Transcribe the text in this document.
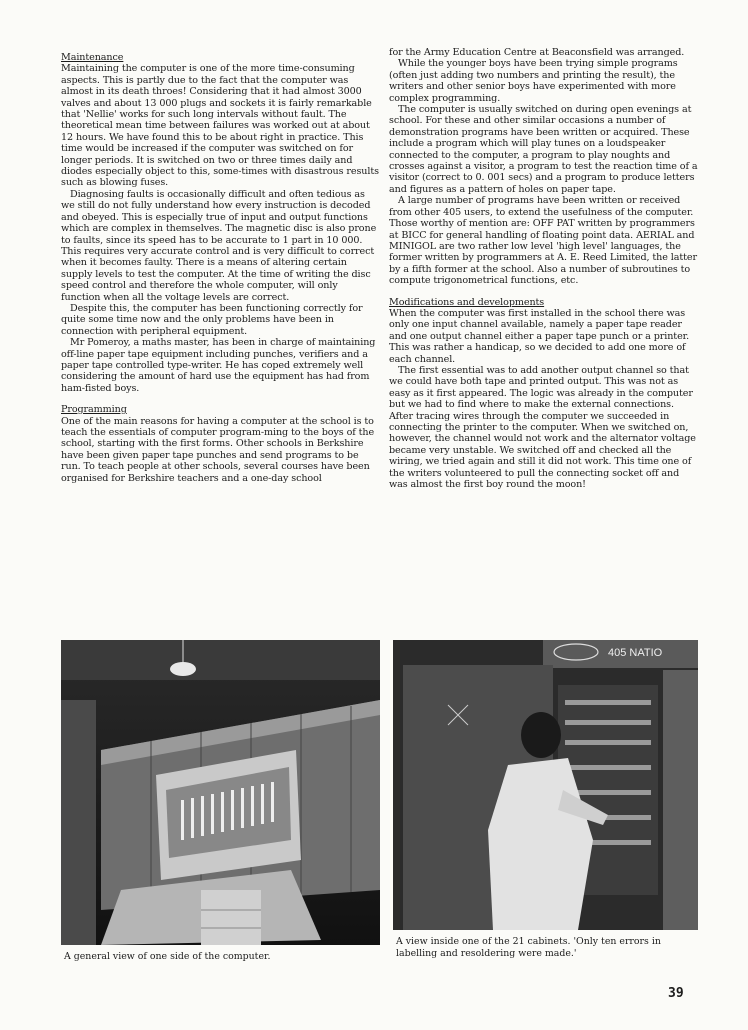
Maintenance

Maintaining the computer is one of the more time-consuming aspects. This is partly due to the fact that the computer was almost in its death throes! Considering that it had almost 3000 valves and about 13 000 plugs and sockets it is fairly remarkable that 'Nellie' works for such long intervals without fault. The theoretical mean time between failures was worked out at about 12 hours. We have found this to be about right in practice. This time would be increased if the computer was switched on for longer periods. It is switched on two or three times daily and diodes especially object to this, some-times with disastrous results such as blowing fuses.

Diagnosing faults is occasionally difficult and often tedious as we still do not fully understand how every instruction is decoded and obeyed. This is especially true of input and output functions which are complex in themselves. The magnetic disc is also prone to faults, since its speed has to be accurate to 1 part in 10 000. This requires very accurate control and is very difficult to correct when it becomes faulty. There is a means of altering certain supply levels to test the computer. At the time of writing the disc speed control and therefore the whole computer, will only function when all the voltage levels are correct.

Despite this, the computer has been functioning correctly for quite some time now and the only problems have been in connection with peripheral equipment.

Mr Pomeroy, a maths master, has been in charge of maintaining off-line paper tape equipment including punches, verifiers and a paper tape controlled type-writer. He has coped extremely well considering the amount of hard use the equipment has had from ham-fisted boys.

Programming

One of the main reasons for having a computer at the school is to teach the essentials of computer program-ming to the boys of the school, starting with the first forms. Other schools in Berkshire have been given paper tape punches and send programs to be run. To teach people at other schools, several courses have been organised for Berkshire teachers and a one-day school

for the Army Education Centre at Beaconsfield was arranged.

While the younger boys have been trying simple programs (often just adding two numbers and printing the result), the writers and other senior boys have experimented with more complex programming.

The computer is usually switched on during open evenings at school. For these and other similar occasions a number of demonstration programs have been written or acquired. These include a program which will play tunes on a loudspeaker connected to the computer, a program to play noughts and crosses against a visitor, a program to test the reaction time of a visitor (correct to 0. 001 secs) and a program to produce letters and figures as a pattern of holes on paper tape.

A large number of programs have been written or received from other 405 users, to extend the usefulness of the computer. Those worthy of mention are: OFF PAT written by programmers at BICC for general handling of floating point data. AERIAL and MINIGOL are two rather low level 'high level' languages, the former written by programmers at A. E. Reed Limited, the latter by a fifth former at the school. Also a number of subroutines to compute trigonometrical functions, etc.

Modifications and developments

When the computer was first installed in the school there was only one input channel available, namely a paper tape reader and one output channel either a paper tape punch or a printer. This was rather a handicap, so we decided to add one more of each channel.

The first essential was to add another output channel so that we could have both tape and printed output. This was not as easy as it first appeared. The logic was already in the computer but we had to find where to make the external connections. After tracing wires through the computer we succeeded in connecting the printer to the computer. When we switched on, however, the channel would not work and the alternator voltage became very unstable. We switched off and checked all the wiring, we tried again and still it did not work. This time one of the writers volunteered to pull the connecting socket off and was almost the first boy round the moon!

A general view of one side of the computer.
405 NATIO
A view inside one of the 21 cabinets. 'Only ten errors in labelling and resoldering were made.'
39
